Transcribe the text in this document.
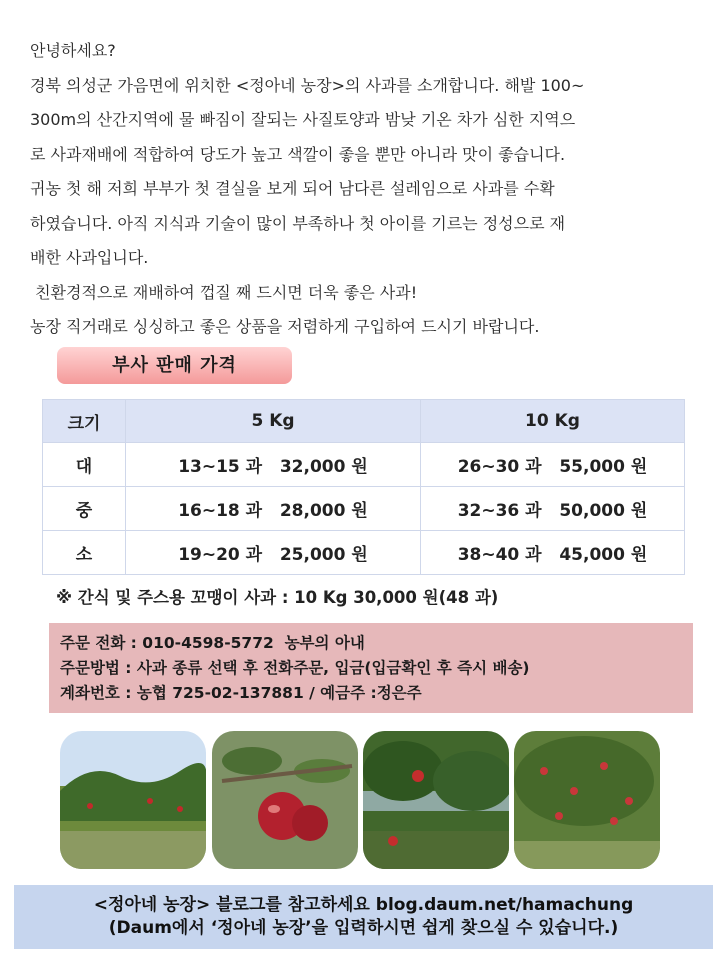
안녕하세요?

경북 의성군 가음면에 위치한 <정아네 농장>의 사과를 소개합니다. 해발 100~

300m의 산간지역에 물 빠짐이 잘되는 사질토양과 밤낮 기온 차가 심한 지역으

로 사과재배에 적합하여 당도가 높고 색깔이 좋을 뿐만 아니라 맛이 좋습니다.

귀농 첫 해 저희 부부가 첫 결실을 보게 되어 남다른 설레임으로 사과를 수확

하였습니다. 아직 지식과 기술이 많이 부족하나 첫 아이를 기르는 정성으로 재

배한 사과입니다.

친환경적으로 재배하여 껍질 째 드시면 더욱 좋은 사과!

농장 직거래로 싱싱하고 좋은 상품을 저렴하게 구입하여 드시기 바랍니다.

부사 판매 가격
크기	5 Kg	10 Kg
대	13~15 과   32,000 원	26~30 과   55,000 원
중	16~18 과   28,000 원	32~36 과   50,000 원
소	19~20 과   25,000 원	38~40 과   45,000 원
※ 간식 및 주스용 꼬맹이 사과 : 10 Kg 30,000 원(48 과)
주문 전화 : 010-4598-5772  농부의 아내
주문방법 : 사과 종류 선택 후 전화주문, 입금(입금확인 후 즉시 배송)
계좌번호 : 농협 725-02-137881 / 예금주 :정은주
<정아네 농장> 블로그를 참고하세요 blog.daum.net/hamachung
(Daum에서 ‘정아네 농장’을 입력하시면 쉽게 찾으실 수 있습니다.)
